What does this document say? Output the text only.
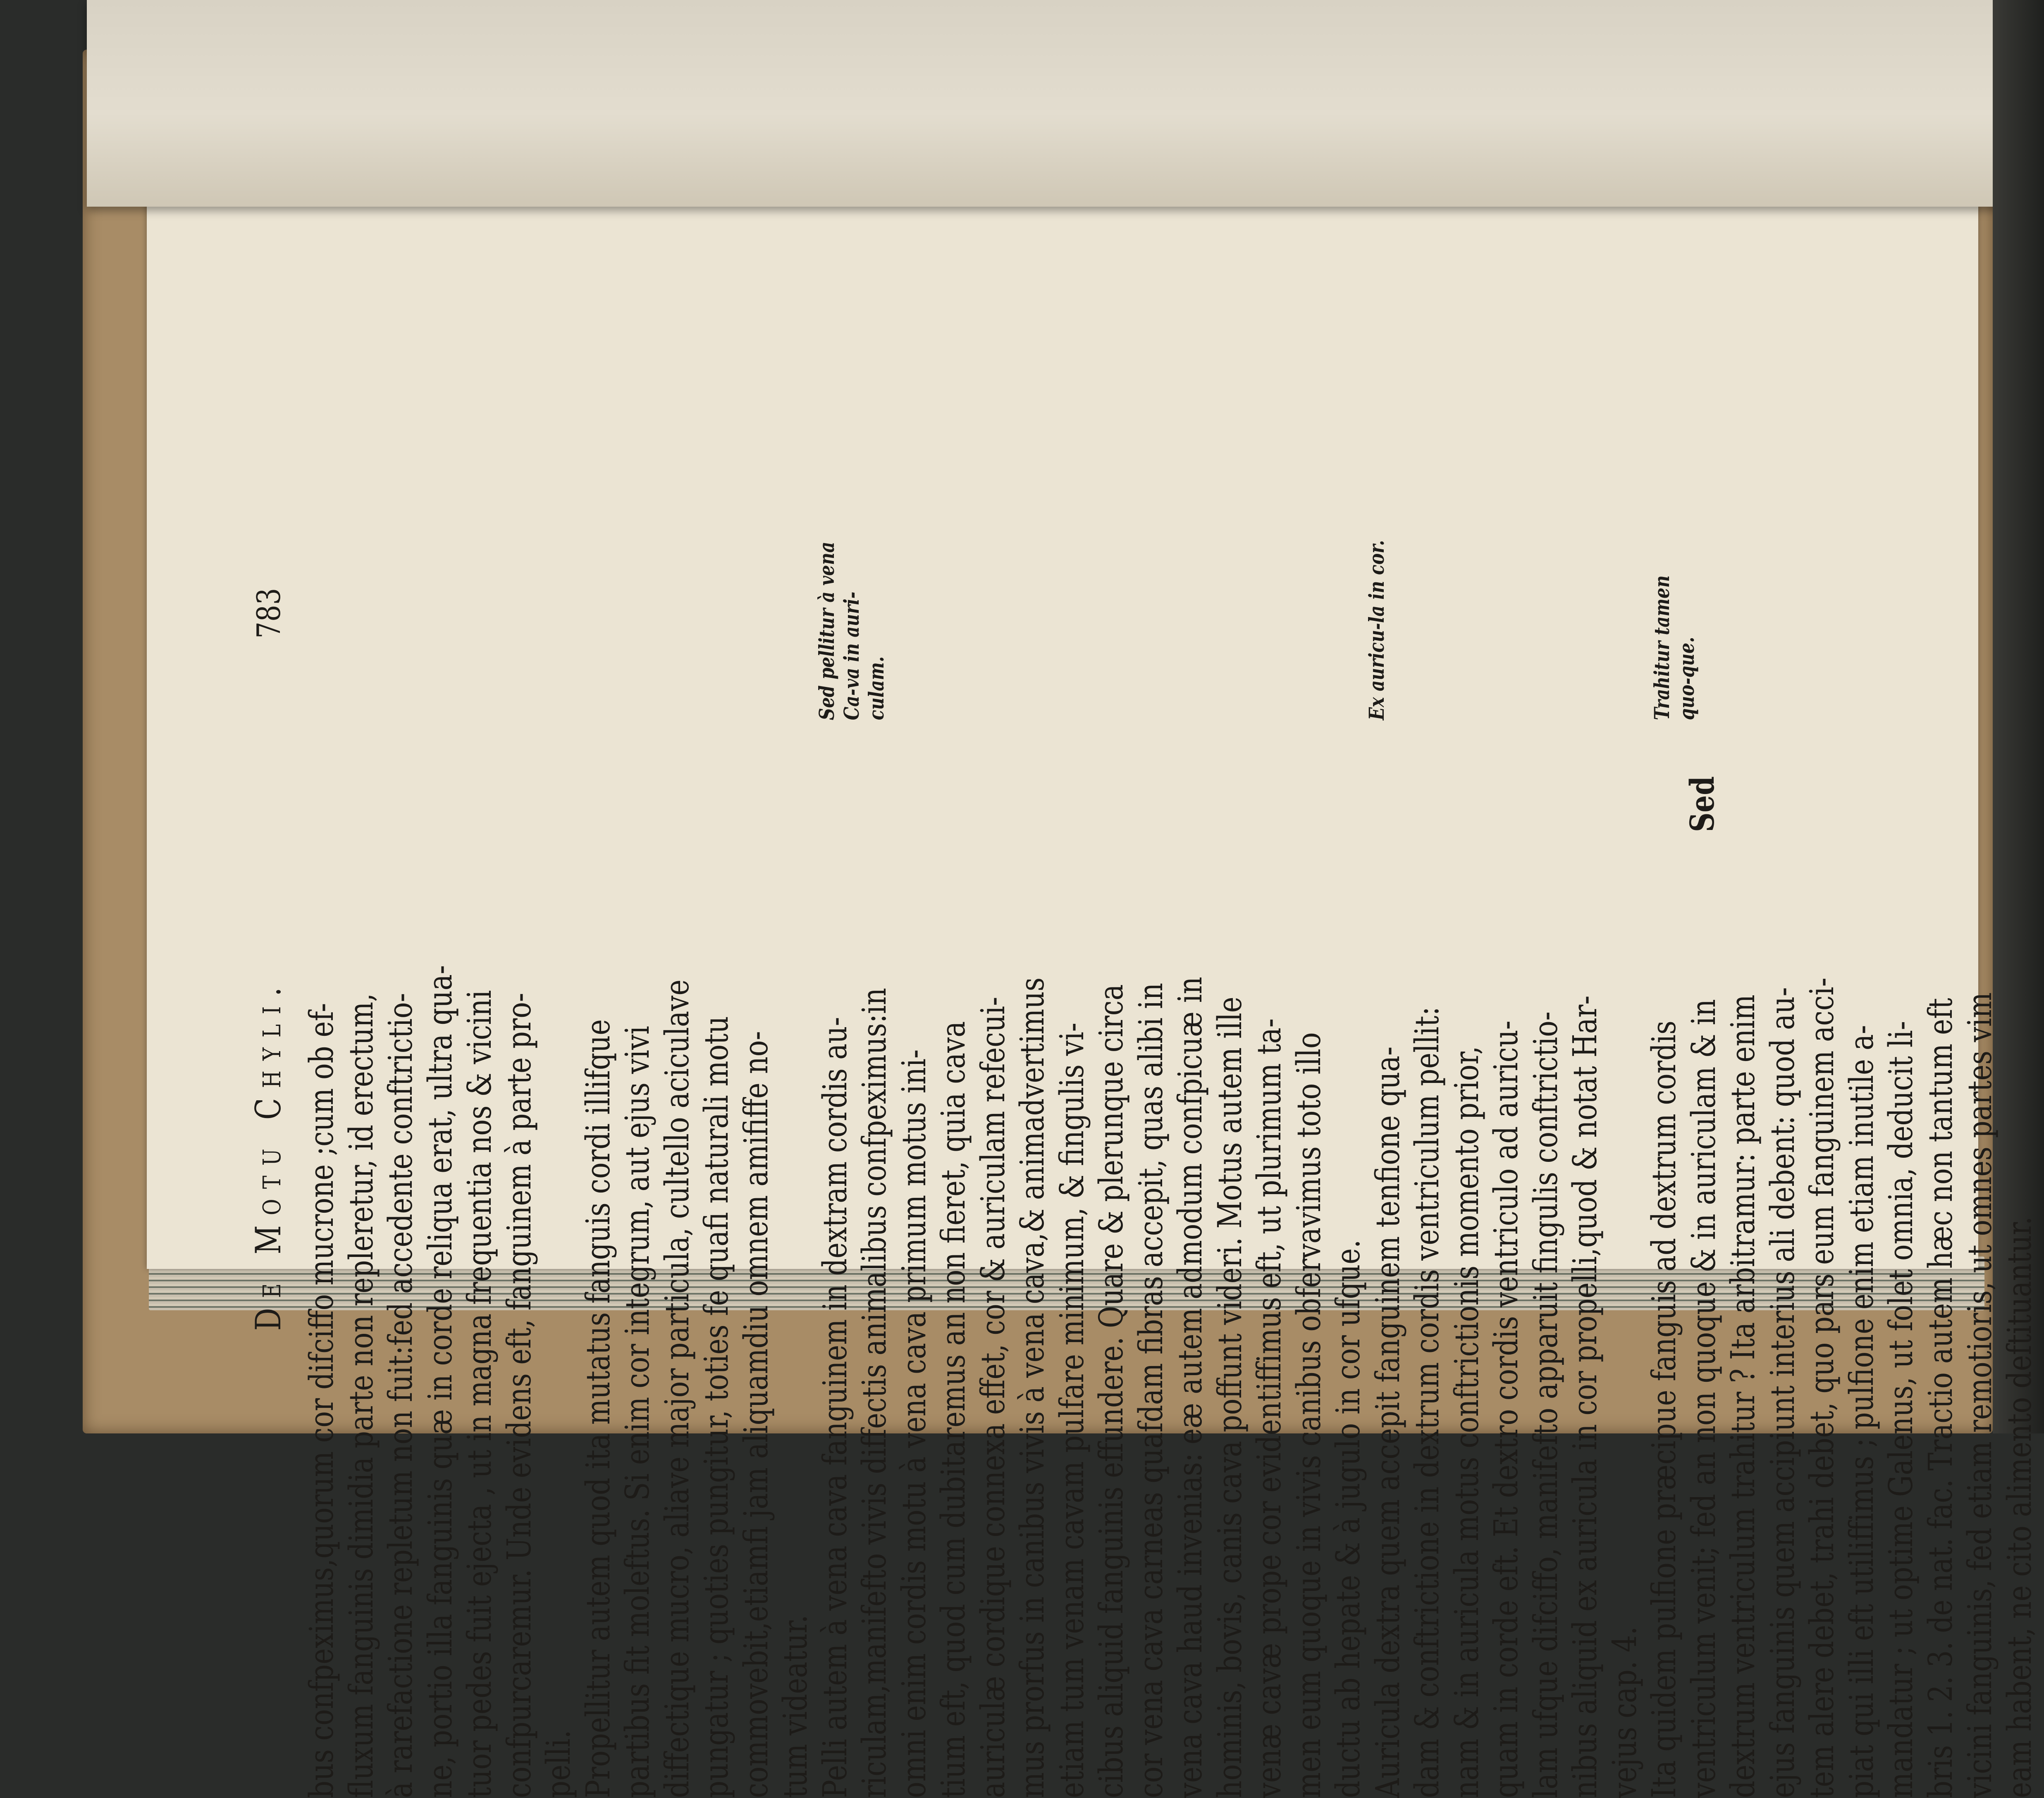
De Motu Chyli.
783
bus confpeximus,quorum cor difciffo mucrone ;cum ob ef- fluxum fanguinis dimidia parte non repleretur, id erectum, à rarefactione repletum non fuit:fed accedente conftrictio- ne, portio illa fanguinis quæ in corde reliqua erat, ultra qua- tuor pedes fuit ejecta , ut in magna frequentia nos & vicini confpurcaremur. Unde evidens eft, fanguinem à parte pro- pelli. Propellitur autem quod ita mutatus fanguis cordi illifque partibus fit moleftus. Si enim cor integrum, aut ejus vivi diffectique mucro, aliave major particula, cultello aciculave pungatur ; quoties pungitur, toties fe quafi naturali motu commovebit,etiamfi jam aliquamdiu omnem amififfe no- tum videatur. Pelli autem à vena cava fanguinem in dextram cordis au- riculam,manifefto vivis diffectis animalibus confpeximus:in omni enim cordis motu à vena cava primum motus ini- tium eft, quod cum dubitaremus an non fieret, quia cava auriculæ cordique connexa effet, cor & auriculam refecui- mus prorfus in canibus vivis à vena cava,& animadvertimus etiam tum venam cavam pulfare minimum, & fingulis vi- cibus aliquid fanguinis effundere. Quare & plerunque circa cor vena cava carneas quafdam fibras accepit, quas alibi in vena cava haud invenias: eæ autem admodum confpicuæ in hominis, bovis, canis cava poffunt videri. Motus autem ille venæ cavæ prope cor evidentiffimus eft, ut plurimum ta- men eum quoque in vivis canibus obfervavimus toto illo ductu ab hepate & à jugulo in cor ufque. Auricula dextra quem accepit fanguinem tenfione qua- dam & conftrictione in dextrum cordis ventriculum pellit: nam & in auricula motus conftrictionis momento prior, quam in corde eft. Et dextro cordis ventriculo ad auricu- lam ufque difciffo, manifefto apparuit fingulis conftrictio- nibus aliquid ex auricula in cor propelli,quod & notat Har- vejus cap. 4. Ita quidem pulfione præcipue fanguis ad dextrum cordis ventriculum venit; fed an non quoque & in auriculam & in dextrum ventriculum trahitur ? Ita arbitramur: parte enim ejus fanguinis quem accipiunt interius ali debent: quod au- tem alere debet, trahi debet, quo pars eum fanguinem acci- piat qui illi eft utiliffimus ; pulfione enim etiam inutile a- mandatur ; ut optime Galenus, ut folet omnia, deducit li- bris 1. 2. 3. de nat. fac. Tractio autem hæc non tantum eft vicini fanguinis, fed etiam remotioris, ut omnes partes vim eam habent, ne cito alimento deftituantur.
Sed pellitur à vena Ca-va in auri-culam.	Ex auricu-la in cor.	Trahitur tamen quo-que.
Sed
